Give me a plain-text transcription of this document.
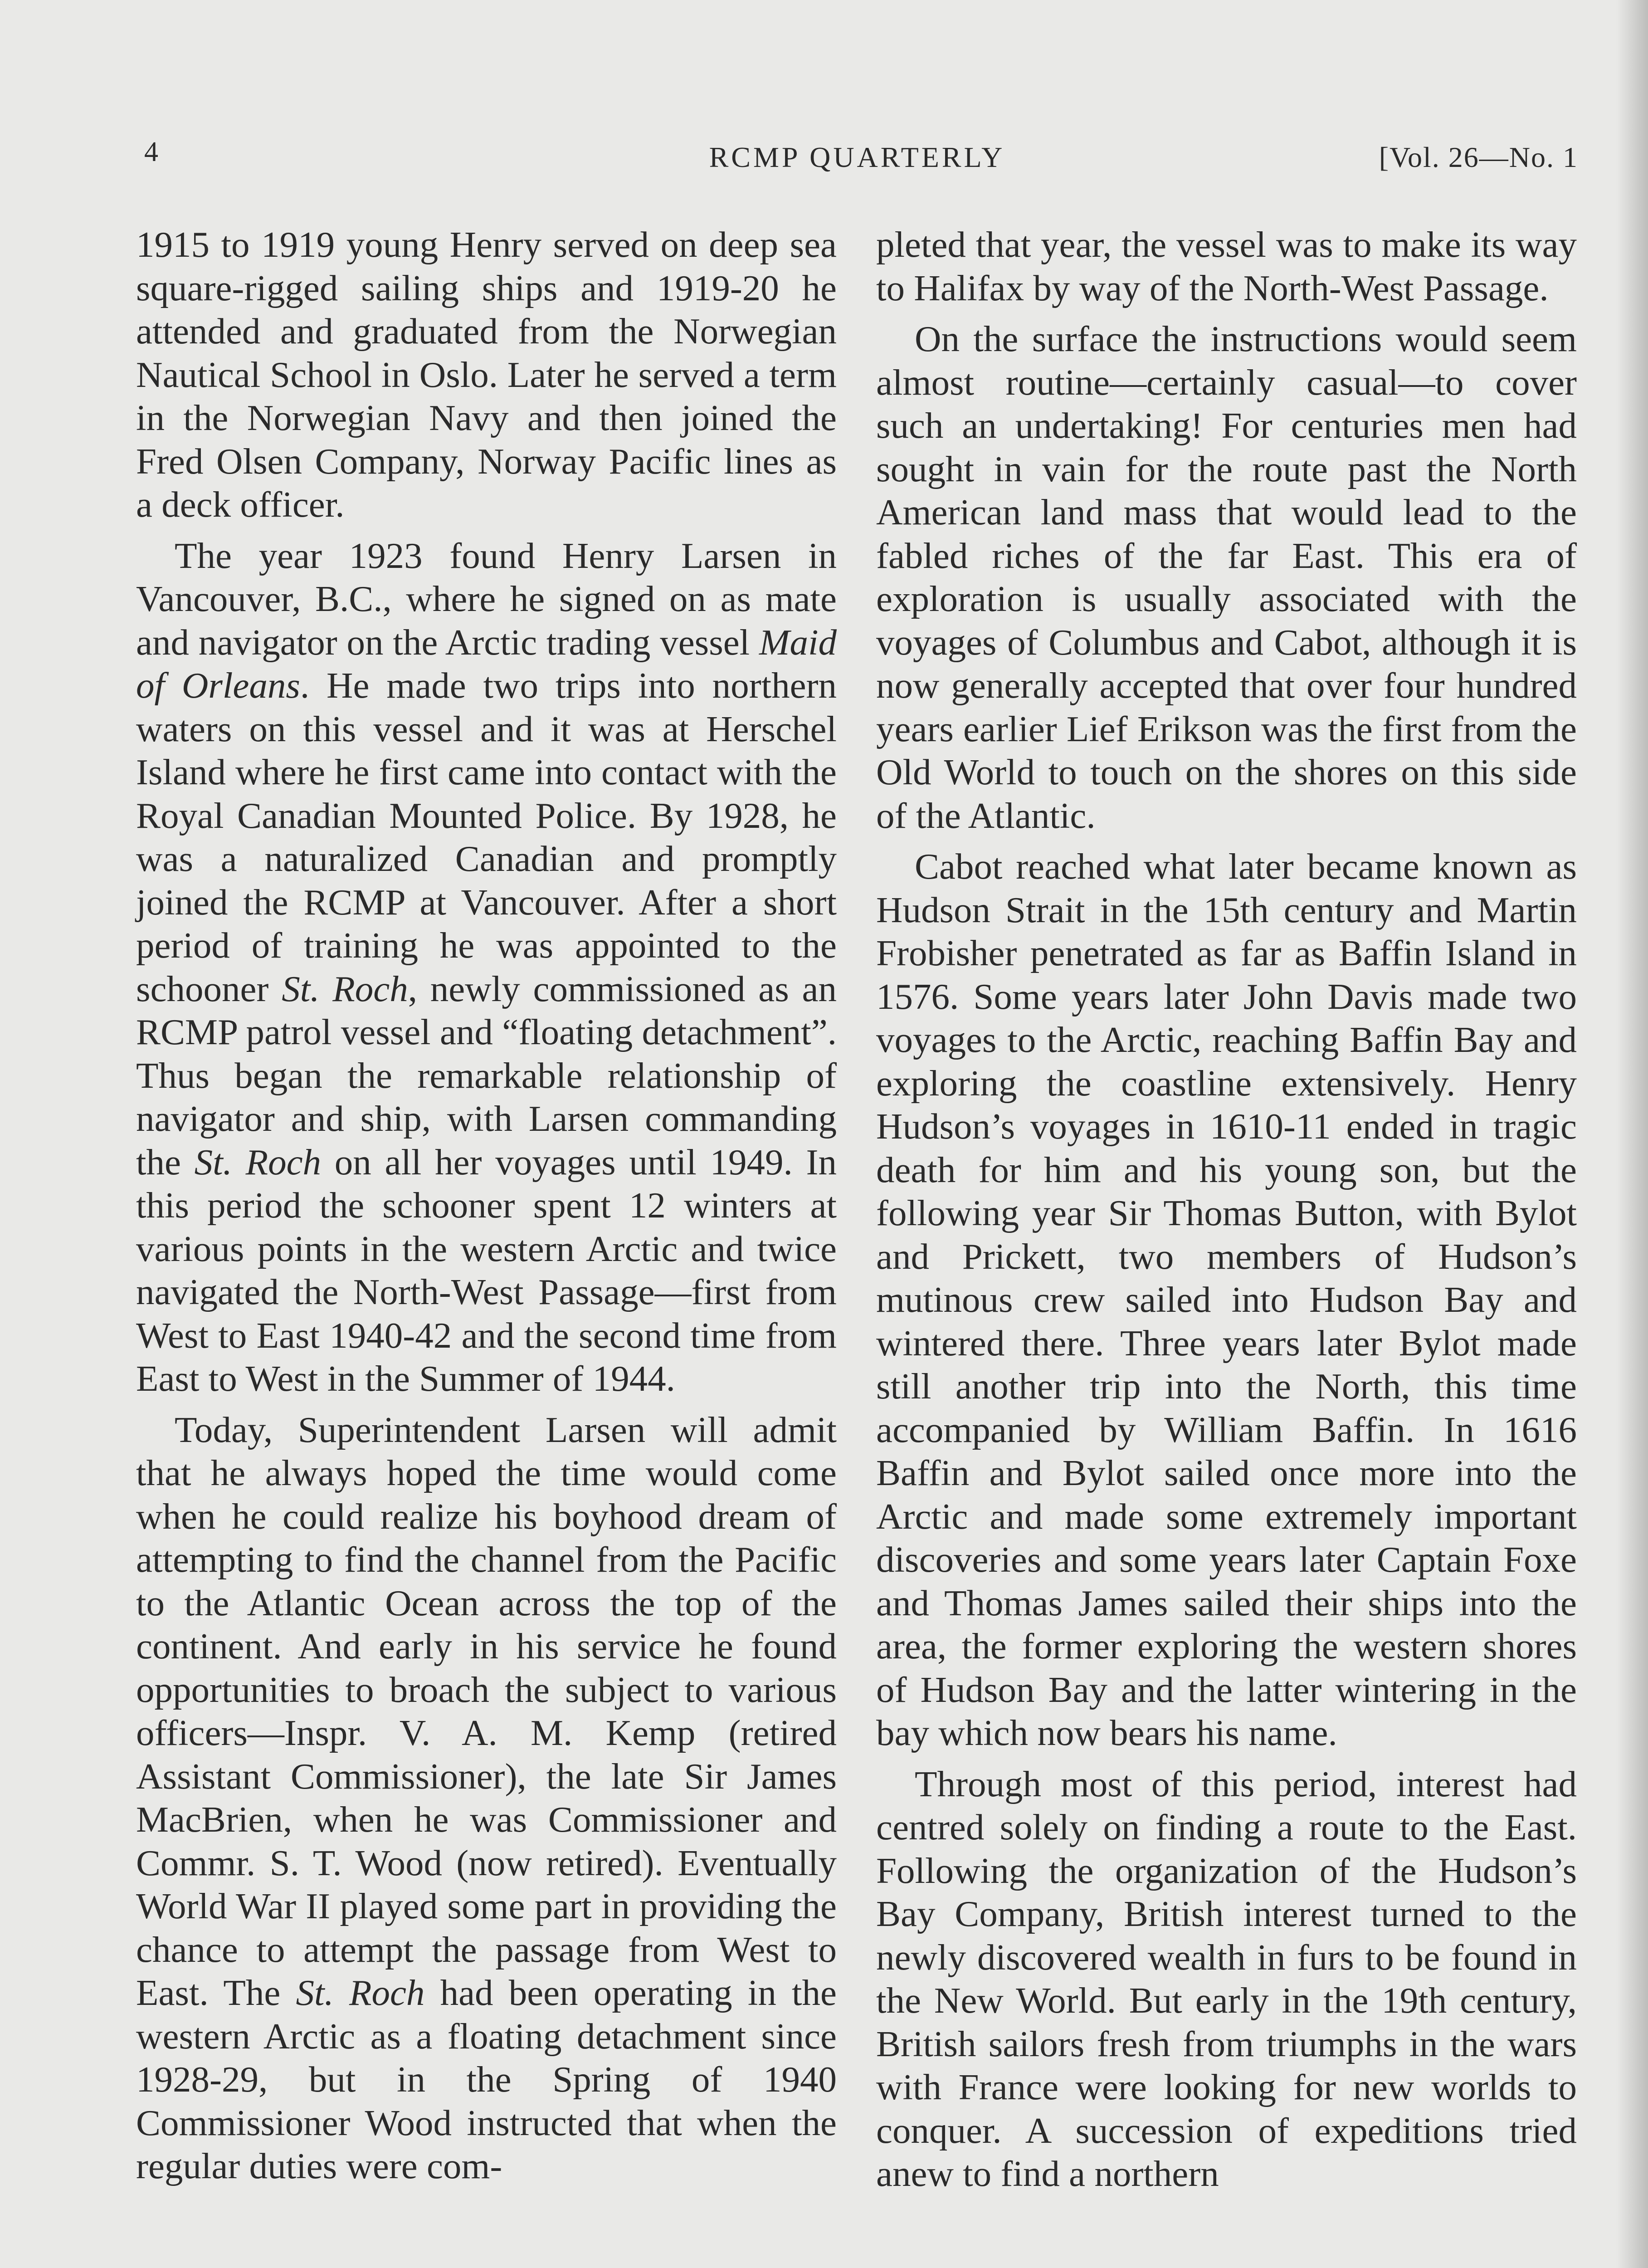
4	RCMP QUARTERLY	[Vol. 26—No. 1

1915 to 1919 young Henry served on deep sea square-rigged sailing ships and 1919-20 he attended and graduated from the Norwegian Nautical School in Oslo. Later he served a term in the Norwegian Navy and then joined the Fred Olsen Company, Norway Pacific lines as a deck officer.

The year 1923 found Henry Larsen in Vancouver, B.C., where he signed on as mate and navigator on the Arctic trading vessel Maid of Orleans. He made two trips into northern waters on this vessel and it was at Herschel Island where he first came into contact with the Royal Canadian Mounted Police. By 1928, he was a naturalized Canadian and promptly joined the RCMP at Vancouver. After a short period of training he was appointed to the schooner St. Roch, newly commissioned as an RCMP patrol vessel and “floating detachment”. Thus began the remarkable relationship of navigator and ship, with Larsen commanding the St. Roch on all her voyages until 1949. In this period the schooner spent 12 winters at various points in the western Arctic and twice navigated the North-West Passage—first from West to East 1940-42 and the second time from East to West in the Summer of 1944.

Today, Superintendent Larsen will admit that he always hoped the time would come when he could realize his boyhood dream of attempting to find the channel from the Pacific to the Atlantic Ocean across the top of the continent. And early in his service he found opportunities to broach the subject to various officers—Inspr. V. A. M. Kemp (retired Assistant Commissioner), the late Sir James MacBrien, when he was Commissioner and Commr. S. T. Wood (now retired). Eventually World War II played some part in providing the chance to attempt the passage from West to East. The St. Roch had been operating in the western Arctic as a floating detachment since 1928-29, but in the Spring of 1940 Commissioner Wood instructed that when the regular duties were com-

pleted that year, the vessel was to make its way to Halifax by way of the North-West Passage.

On the surface the instructions would seem almost routine—certainly casual—to cover such an undertaking! For centuries men had sought in vain for the route past the North American land mass that would lead to the fabled riches of the far East. This era of exploration is usually associated with the voyages of Columbus and Cabot, although it is now generally accepted that over four hundred years earlier Lief Erikson was the first from the Old World to touch on the shores on this side of the Atlantic.

Cabot reached what later became known as Hudson Strait in the 15th century and Martin Frobisher penetrated as far as Baffin Island in 1576. Some years later John Davis made two voyages to the Arctic, reaching Baffin Bay and exploring the coastline extensively. Henry Hudson’s voyages in 1610-11 ended in tragic death for him and his young son, but the following year Sir Thomas Button, with Bylot and Prickett, two members of Hudson’s mutinous crew sailed into Hudson Bay and wintered there. Three years later Bylot made still another trip into the North, this time accompanied by William Baffin. In 1616 Baffin and Bylot sailed once more into the Arctic and made some extremely important discoveries and some years later Captain Foxe and Thomas James sailed their ships into the area, the former exploring the western shores of Hudson Bay and the latter wintering in the bay which now bears his name.

Through most of this period, interest had centred solely on finding a route to the East. Following the organization of the Hudson’s Bay Company, British interest turned to the newly discovered wealth in furs to be found in the New World. But early in the 19th century, British sailors fresh from triumphs in the wars with France were looking for new worlds to conquer. A succession of expeditions tried anew to find a northern
